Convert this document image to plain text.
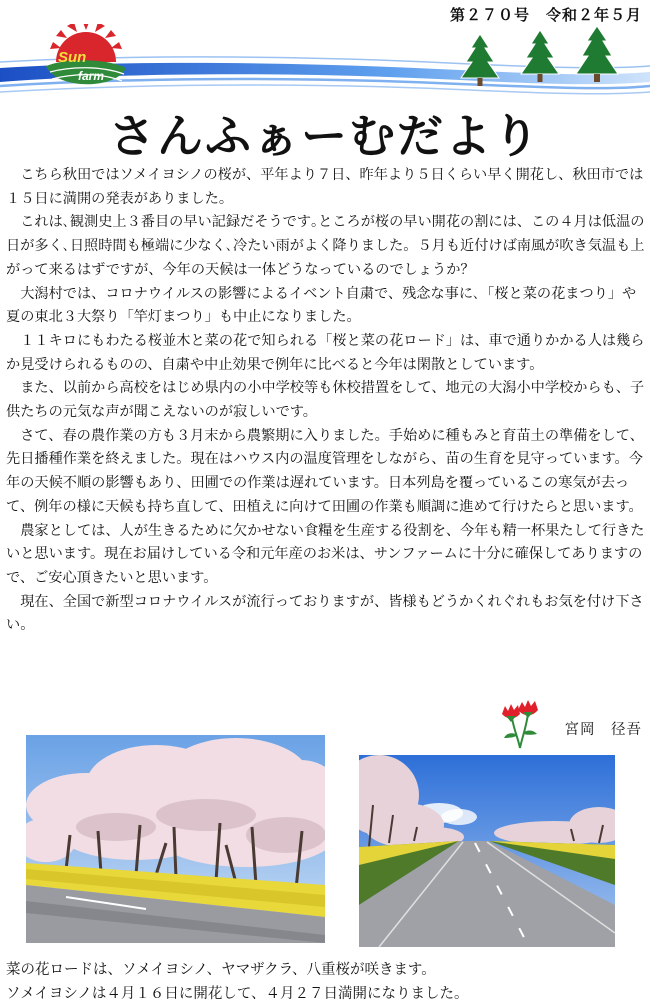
第２７０号　令和２年５月
Sun
farm
さんふぁーむだより

こちら秋田ではソメイヨシノの桜が、平年より７日、昨年より５日くらい早く開花し、秋田市では１５日に満開の発表がありました。

これは､観測史上３番目の早い記録だそうです｡ところが桜の早い開花の割には、この４月は低温の日が多く､日照時間も極端に少なく､冷たい雨がよく降りました。５月も近付けば南風が吹き気温も上がって来るはずですが、今年の天候は一体どうなっているのでしょうか？

大潟村では、コロナウイルスの影響によるイベント自粛で、残念な事に､「桜と菜の花まつり」や夏の東北３大祭り「竿灯まつり」も中止になりました。

１１キロにもわたる桜並木と菜の花で知られる「桜と菜の花ロード」は、車で通りかかる人は幾らか見受けられるものの、自粛や中止効果で例年に比べると今年は閑散としています。

また、以前から高校をはじめ県内の小中学校等も休校措置をして、地元の大潟小中学校からも、子供たちの元気な声が聞こえないのが寂しいです。

さて、春の農作業の方も３月末から農繁期に入りました。手始めに種もみと育苗土の準備をして、先日播種作業を終えました。現在はハウス内の温度管理をしながら、苗の生育を見守っています。今年の天候不順の影響もあり、田圃での作業は遅れています。日本列島を覆っているこの寒気が去って、例年の様に天候も持ち直して、田植えに向けて田圃の作業も順調に進めて行けたらと思います。

農家としては、人が生きるために欠かせない食糧を生産する役割を、今年も精一杯果たして行きたいと思います。現在お届けしている令和元年産のお米は、サンファームに十分に確保してありますので、ご安心頂きたいと思います。

現在、全国で新型コロナウイルスが流行っておりますが、皆様もどうかくれぐれもお気を付け下さい。

宮岡　径吾
菜の花ロードは、ソメイヨシノ、ヤマザクラ、八重桜が咲きます。
ソメイヨシノは４月１６日に開花して、４月２７日満開になりました。
